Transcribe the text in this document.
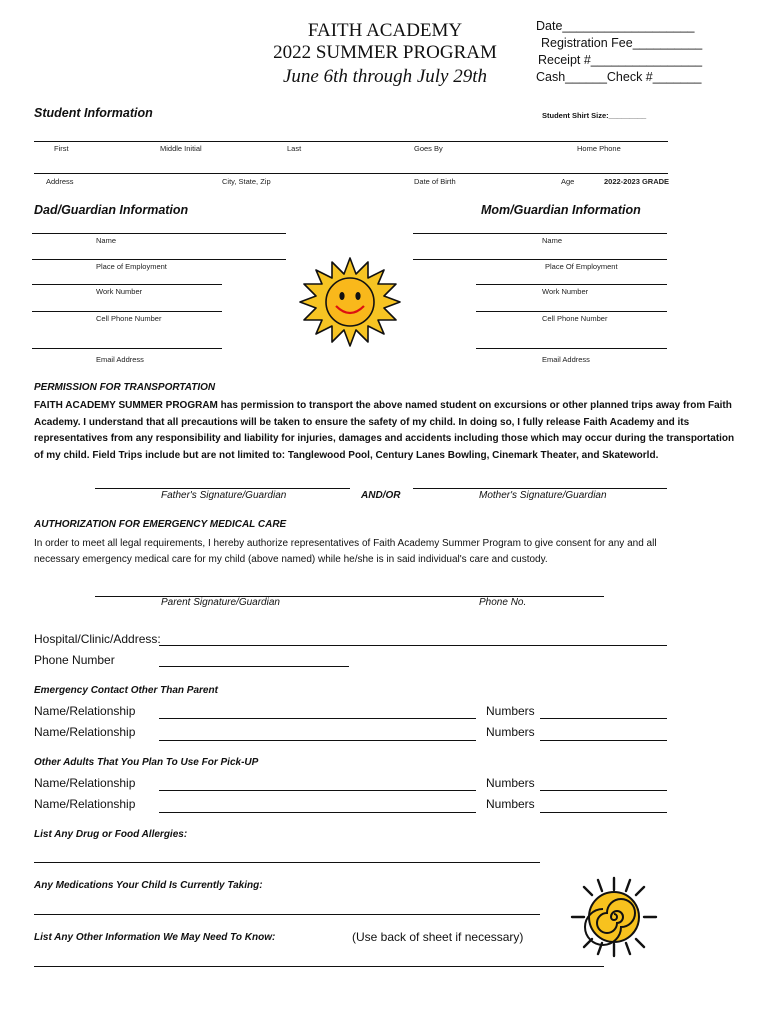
FAITH ACADEMY
2022 SUMMER PROGRAM
June 6th through July 29th
Date___________________
Registration Fee__________
Receipt #________________
Cash______Check #_______
Student Information	Student Shirt Size:_________
First	Middle Initial	Last	Goes By	Home Phone
Address	City, State, Zip	Date of Birth	Age	2022-2023 GRADE
Dad/Guardian Information	Mom/Guardian Information
Name
Place of Employment
Work Number
Cell Phone Number
Email Address
Name
Place Of Employment
Work Number
Cell Phone Number
Email Address
PERMISSION FOR TRANSPORTATION
FAITH ACADEMY SUMMER PROGRAM has permission to transport the above named student on excursions or other planned trips away from Faith
Academy. I understand that all precautions will be taken to ensure the safety of my child. In doing so, I fully release Faith Academy and its
representatives from any responsibility and liability for injuries, damages and accidents including those which may occur during the transportation
of my child. Field Trips include but are not limited to: Tanglewood Pool, Century Lanes Bowling, Cinemark Theater, and Skateworld.
Father's Signature/Guardian	AND/OR	Mother's Signature/Guardian
AUTHORIZATION FOR EMERGENCY MEDICAL CARE
In order to meet all legal requirements, I hereby authorize representatives of Faith Academy Summer Program to give consent for any and all
necessary emergency medical care for my child (above named) while he/she is in said individual's care and custody.
Parent Signature/Guardian	Phone No.
Hospital/Clinic/Address:
Phone Number
Emergency Contact Other Than Parent
Name/Relationship	Numbers
Name/Relationship	Numbers
Other Adults That You Plan To Use For Pick-UP
Name/Relationship	Numbers
Name/Relationship	Numbers
List Any Drug or Food Allergies:
Any Medications Your Child Is Currently Taking:
List Any Other Information We May Need To Know:	(Use back of sheet if necessary)
